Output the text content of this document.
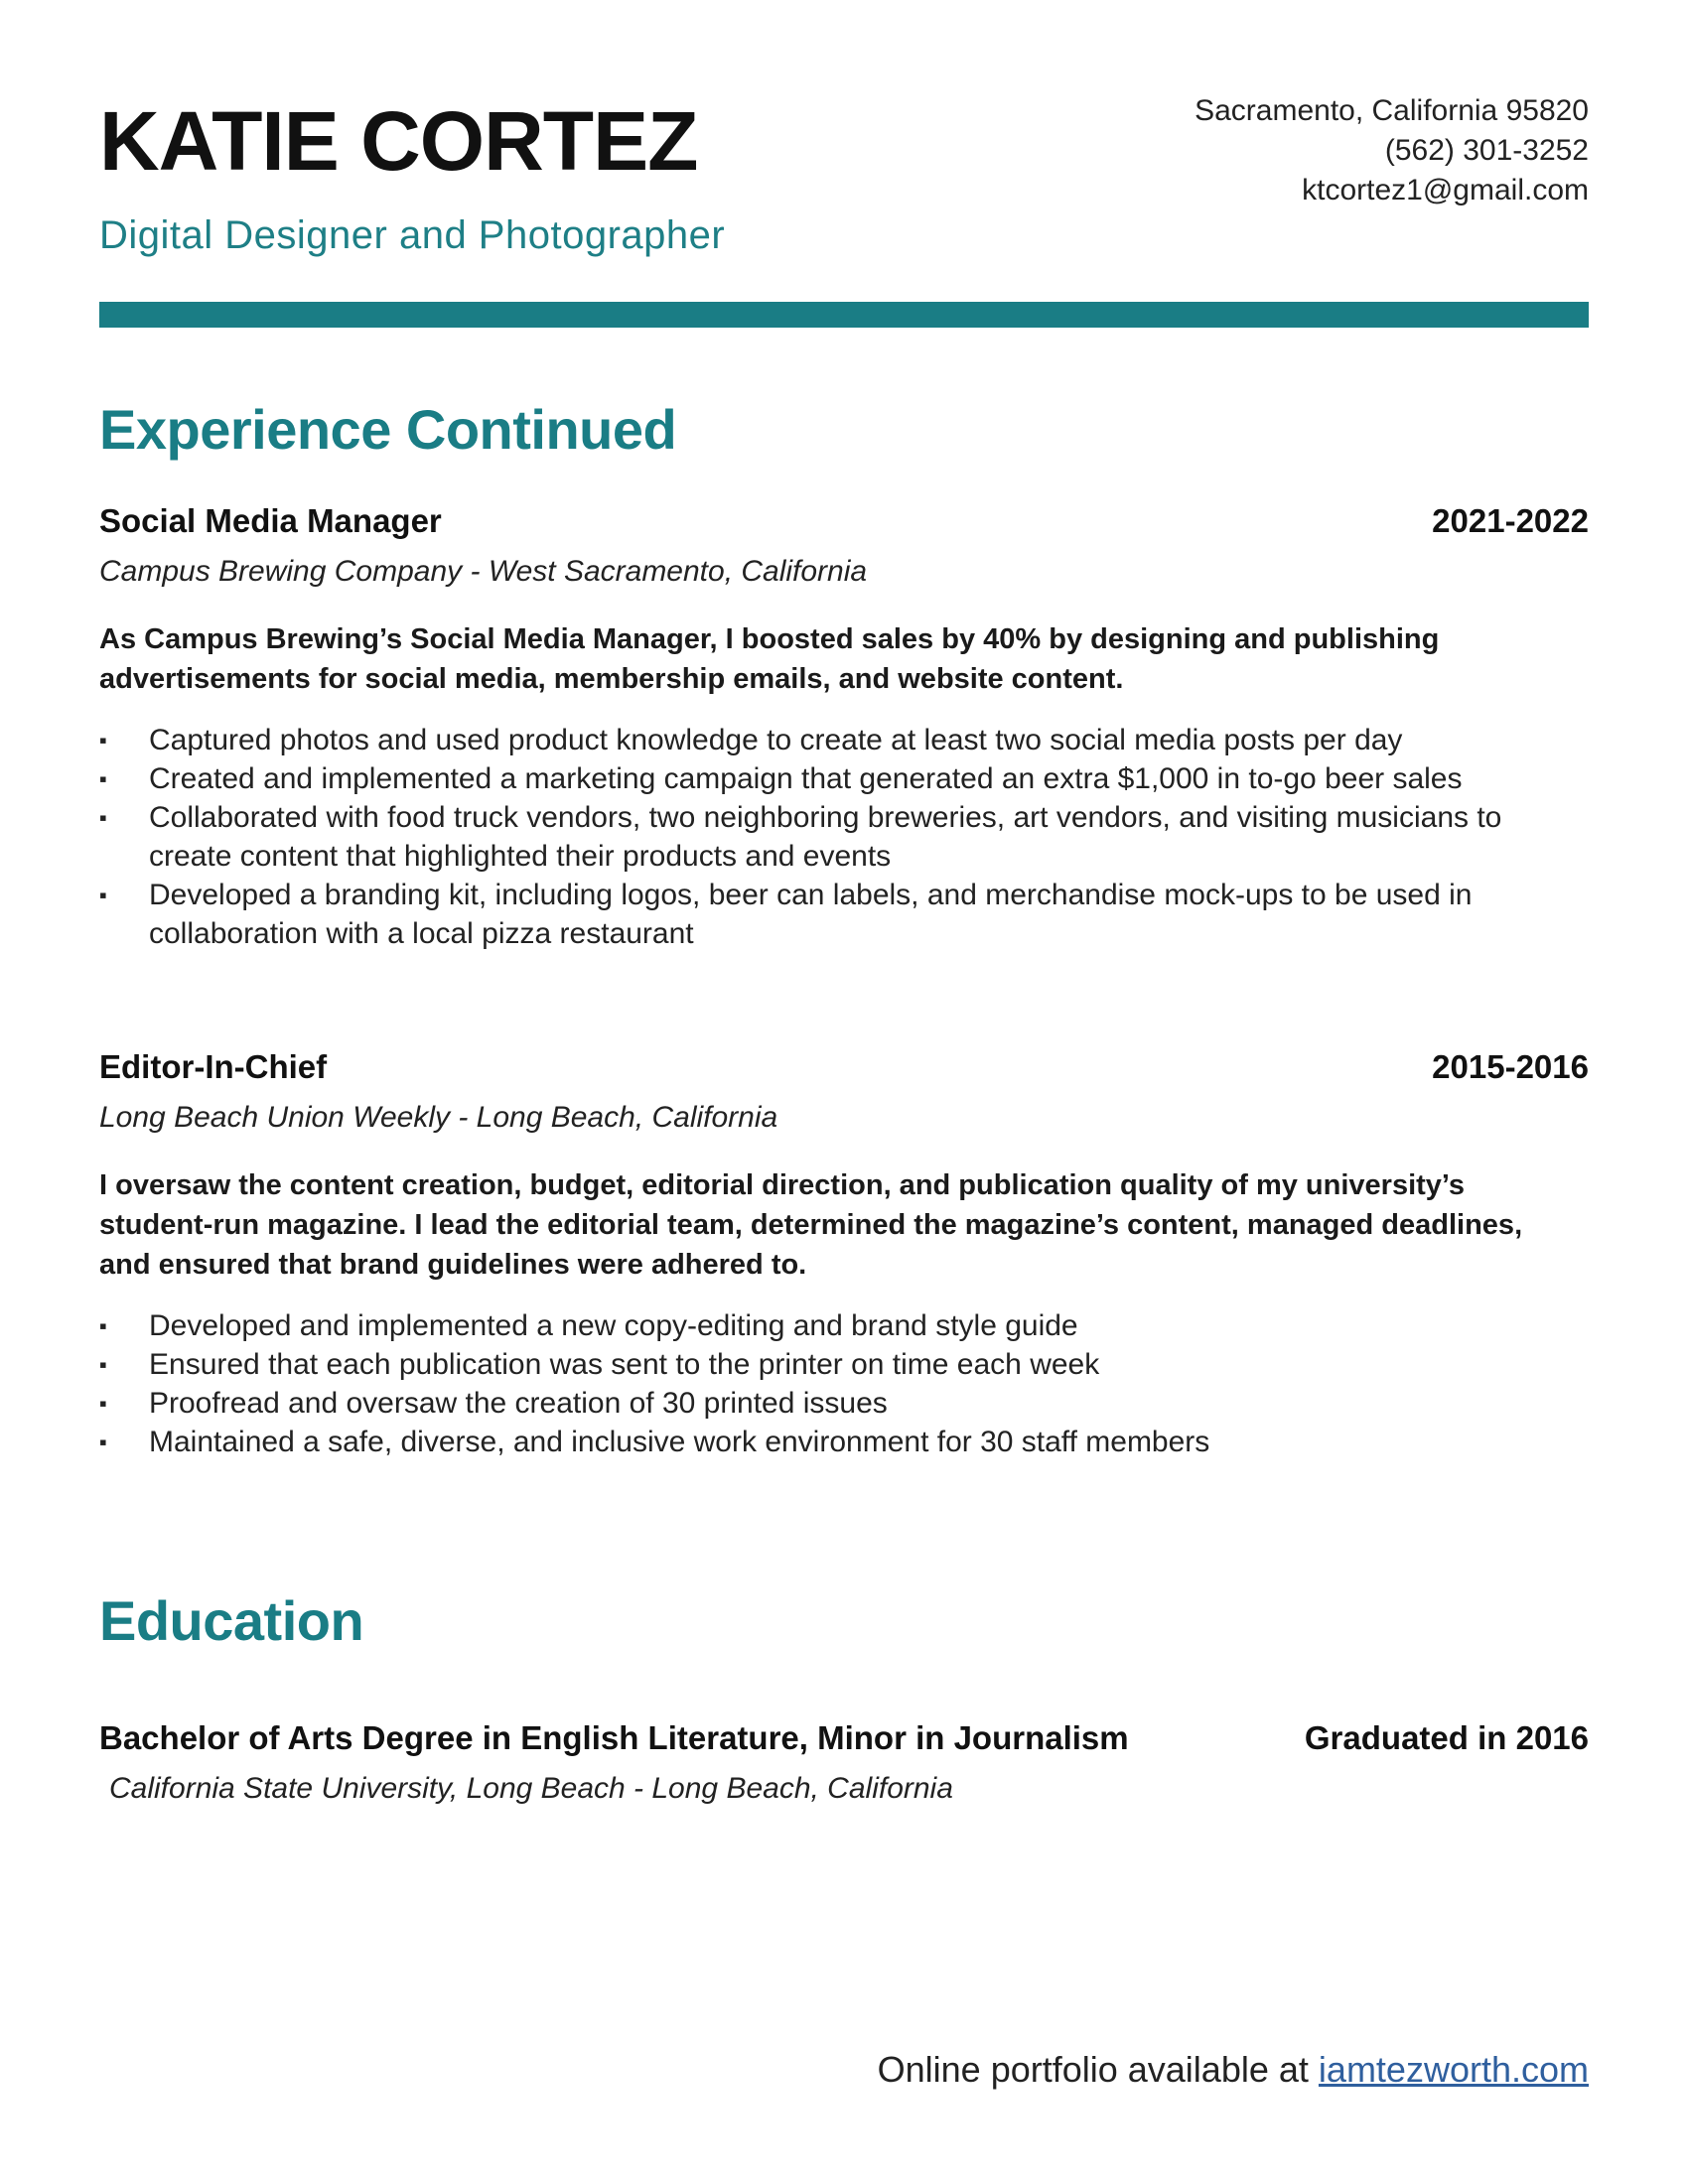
KATIE CORTEZ

Digital Designer and Photographer

Sacramento, California 95820
(562) 301-3252
ktcortez1@gmail.com
Experience Continued
Social Media Manager	2021-2022
Campus Brewing Company - West Sacramento, California
As Campus Brewing’s Social Media Manager, I boosted sales by 40% by designing and publishing advertisements for social media, membership emails, and website content.
▪ Captured photos and used product knowledge to create at least two social media posts per day
▪ Created and implemented a marketing campaign that generated an extra $1,000 in to-go beer sales
▪ Collaborated with food truck vendors, two neighboring breweries, art vendors, and visiting musicians to create content that highlighted their products and events
▪ Developed a branding kit, including logos, beer can labels, and merchandise mock-ups to be used in collaboration with a local pizza restaurant
Editor-In-Chief	2015-2016
Long Beach Union Weekly - Long Beach, California
I oversaw the content creation, budget, editorial direction, and publication quality of my university’s student-run magazine. I lead the editorial team, determined the magazine’s content, managed deadlines, and ensured that brand guidelines were adhered to.
▪ Developed and implemented a new copy-editing and brand style guide
▪ Ensured that each publication was sent to the printer on time each week
▪ Proofread and oversaw the creation of 30 printed issues
▪ Maintained a safe, diverse, and inclusive work environment for 30 staff members
Education
Bachelor of Arts Degree in English Literature, Minor in Journalism	Graduated in 2016
California State University, Long Beach - Long Beach, California
Online portfolio available at iamtezworth.com
